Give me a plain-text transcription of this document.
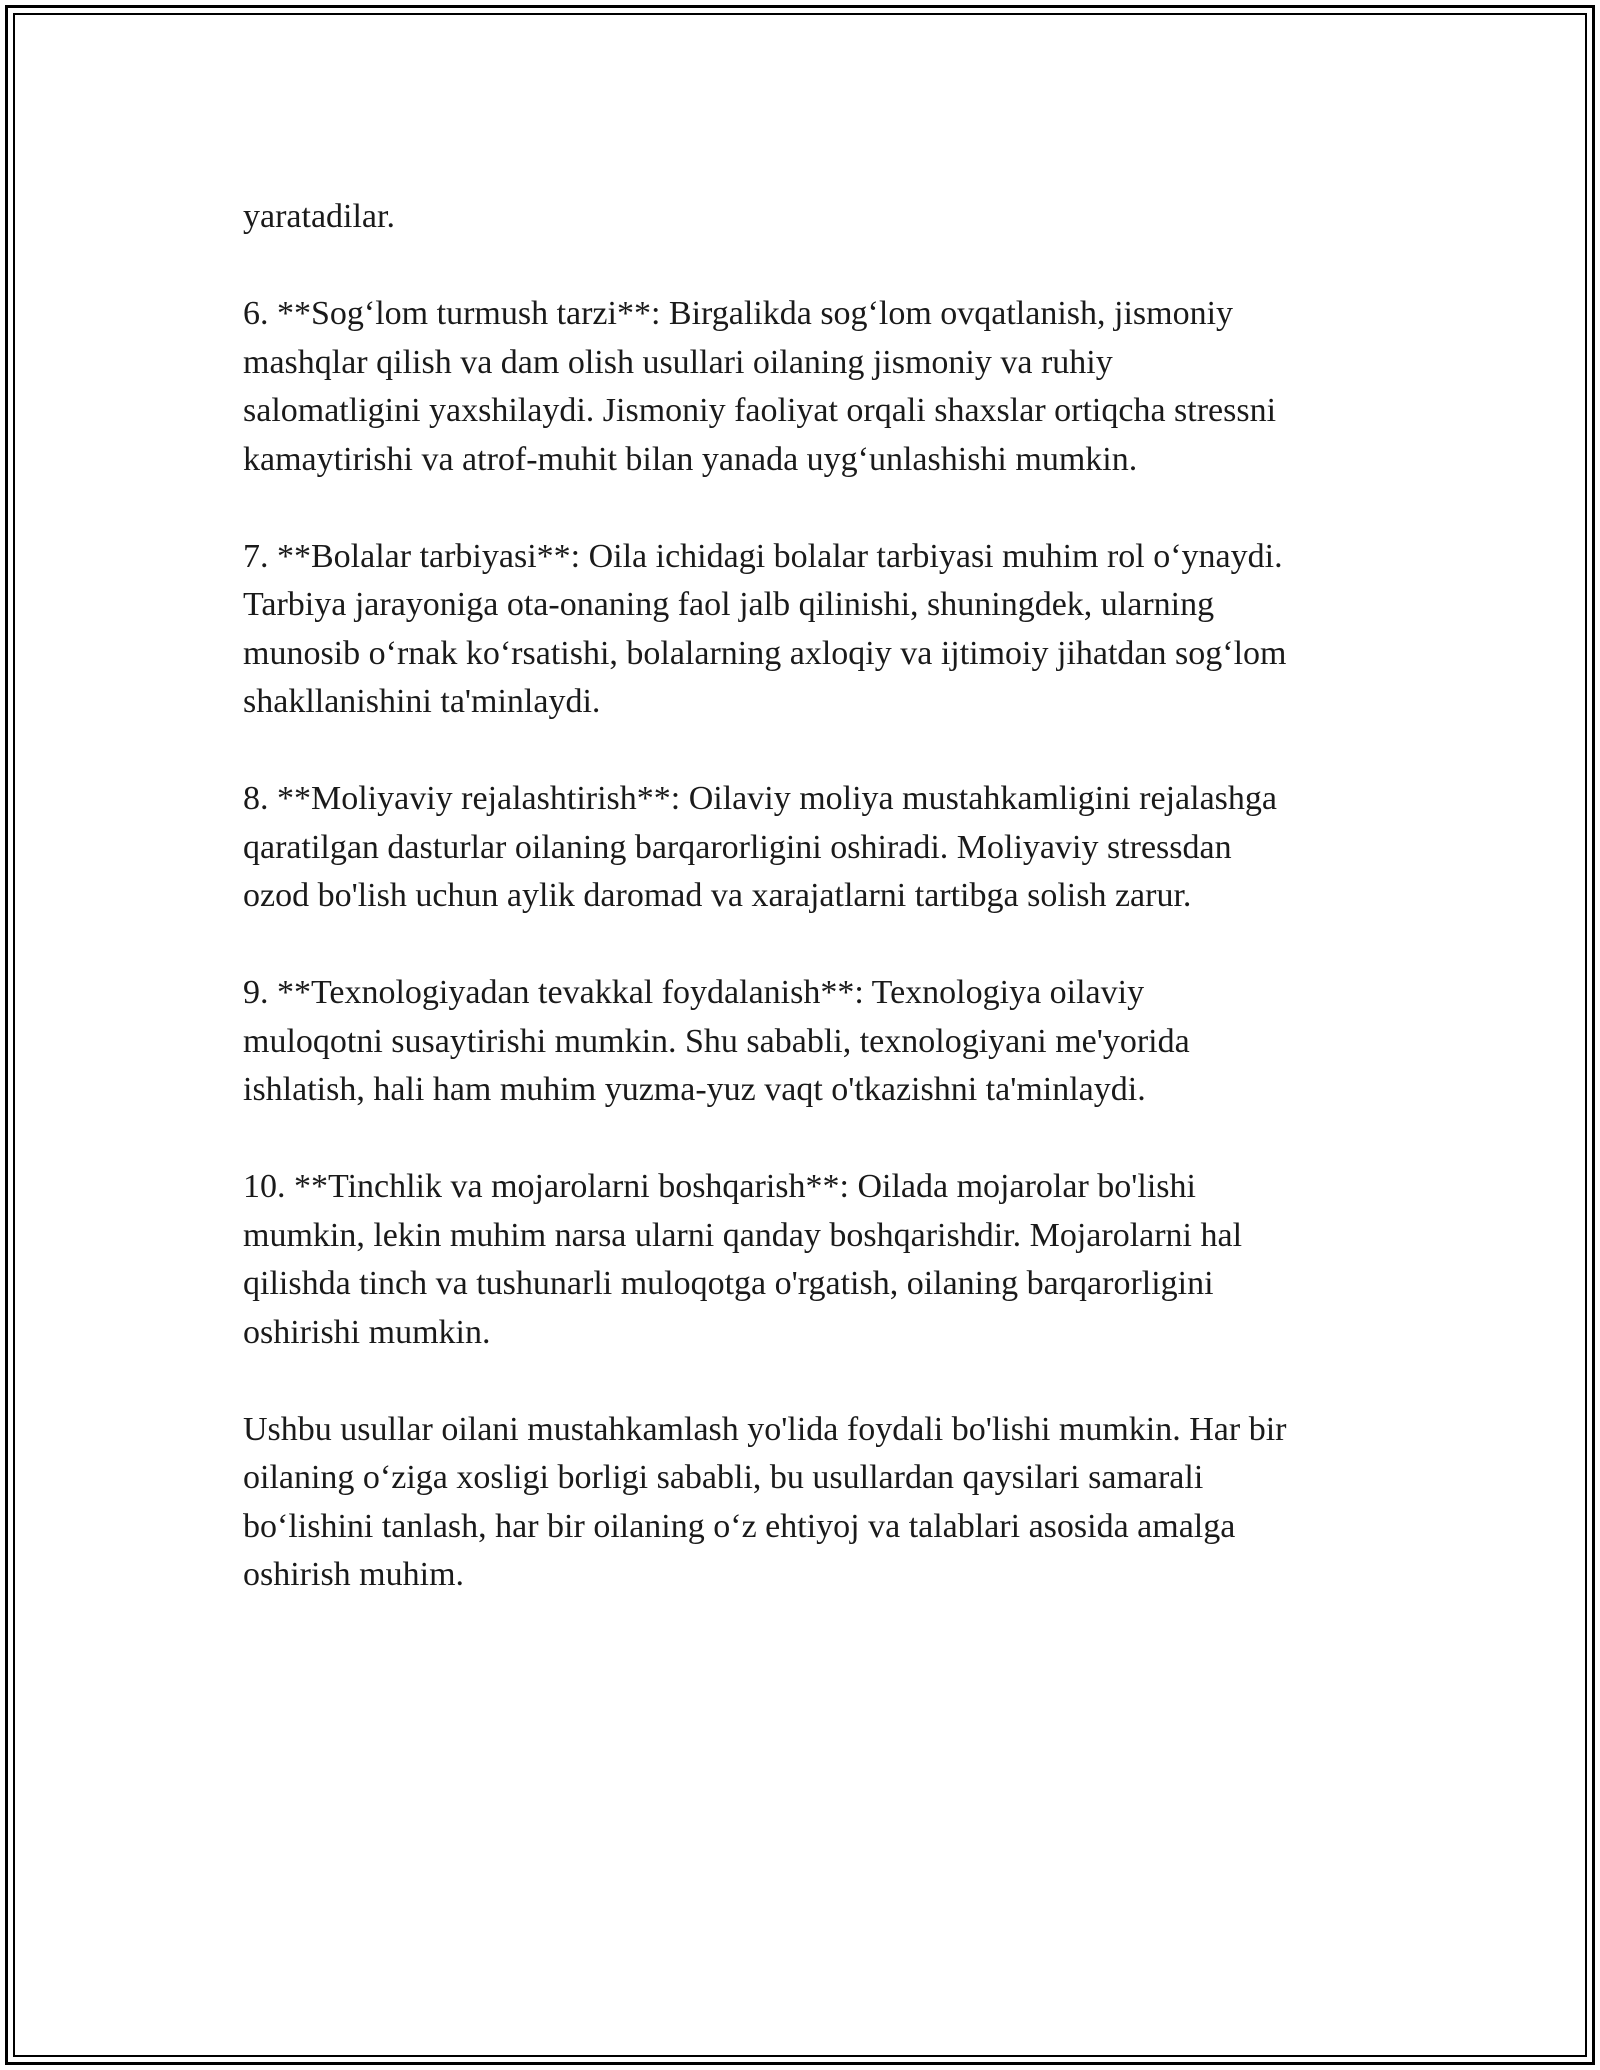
yaratadilar.

6. **Sog‘lom turmush tarzi**: Birgalikda sog‘lom ovqatlanish, jismoniy
mashqlar qilish va dam olish usullari oilaning jismoniy va ruhiy
salomatligini yaxshilaydi. Jismoniy faoliyat orqali shaxslar ortiqcha stressni
kamaytirishi va atrof-muhit bilan yanada uyg‘unlashishi mumkin.

7. **Bolalar tarbiyasi**: Oila ichidagi bolalar tarbiyasi muhim rol o‘ynaydi.
Tarbiya jarayoniga ota-onaning faol jalb qilinishi, shuningdek, ularning
munosib o‘rnak ko‘rsatishi, bolalarning axloqiy va ijtimoiy jihatdan sog‘lom
shakllanishini ta'minlaydi.

8. **Moliyaviy rejalashtirish**: Oilaviy moliya mustahkamligini rejalashga
qaratilgan dasturlar oilaning barqarorligini oshiradi. Moliyaviy stressdan
ozod bo'lish uchun aylik daromad va xarajatlarni tartibga solish zarur.

9. **Texnologiyadan tevakkal foydalanish**: Texnologiya oilaviy
muloqotni susaytirishi mumkin. Shu sababli, texnologiyani me'yorida
ishlatish, hali ham muhim yuzma-yuz vaqt o'tkazishni ta'minlaydi.

10. **Tinchlik va mojarolarni boshqarish**: Oilada mojarolar bo'lishi
mumkin, lekin muhim narsa ularni qanday boshqarishdir. Mojarolarni hal
qilishda tinch va tushunarli muloqotga o'rgatish, oilaning barqarorligini
oshirishi mumkin.

Ushbu usullar oilani mustahkamlash yo'lida foydali bo'lishi mumkin. Har bir
oilaning o‘ziga xosligi borligi sababli, bu usullardan qaysilari samarali
bo‘lishini tanlash, har bir oilaning o‘z ehtiyoj va talablari asosida amalga
oshirish muhim.
